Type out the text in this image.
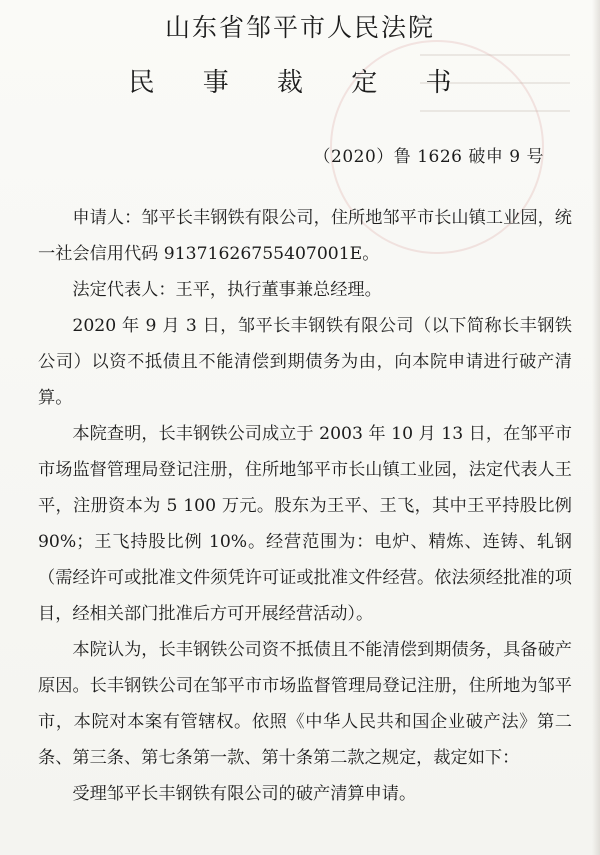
山东省邹平市人民法院
民 事 裁 定 书
（2020）鲁 1626 破申 9 号

申请人：邹平长丰钢铁有限公司，住所地邹平市长山镇工业园，统一社会信用代码 91371626755407001E。

法定代表人：王平，执行董事兼总经理。

2020 年 9 月 3 日，邹平长丰钢铁有限公司（以下简称长丰钢铁公司）以资不抵债且不能清偿到期债务为由，向本院申请进行破产清算。

本院查明，长丰钢铁公司成立于 2003 年 10 月 13 日，在邹平市市场监督管理局登记注册，住所地邹平市长山镇工业园，法定代表人王平，注册资本为 5 100 万元。股东为王平、王飞，其中王平持股比例 90%；王飞持股比例 10%。经营范围为：电炉、精炼、连铸、轧钢（需经许可或批准文件须凭许可证或批准文件经营。依法须经批准的项目，经相关部门批准后方可开展经营活动）。

本院认为，长丰钢铁公司资不抵债且不能清偿到期债务，具备破产原因。长丰钢铁公司在邹平市市场监督管理局登记注册，住所地为邹平市，本院对本案有管辖权。依照《中华人民共和国企业破产法》第二条、第三条、第七条第一款、第十条第二款之规定，裁定如下：

受理邹平长丰钢铁有限公司的破产清算申请。
